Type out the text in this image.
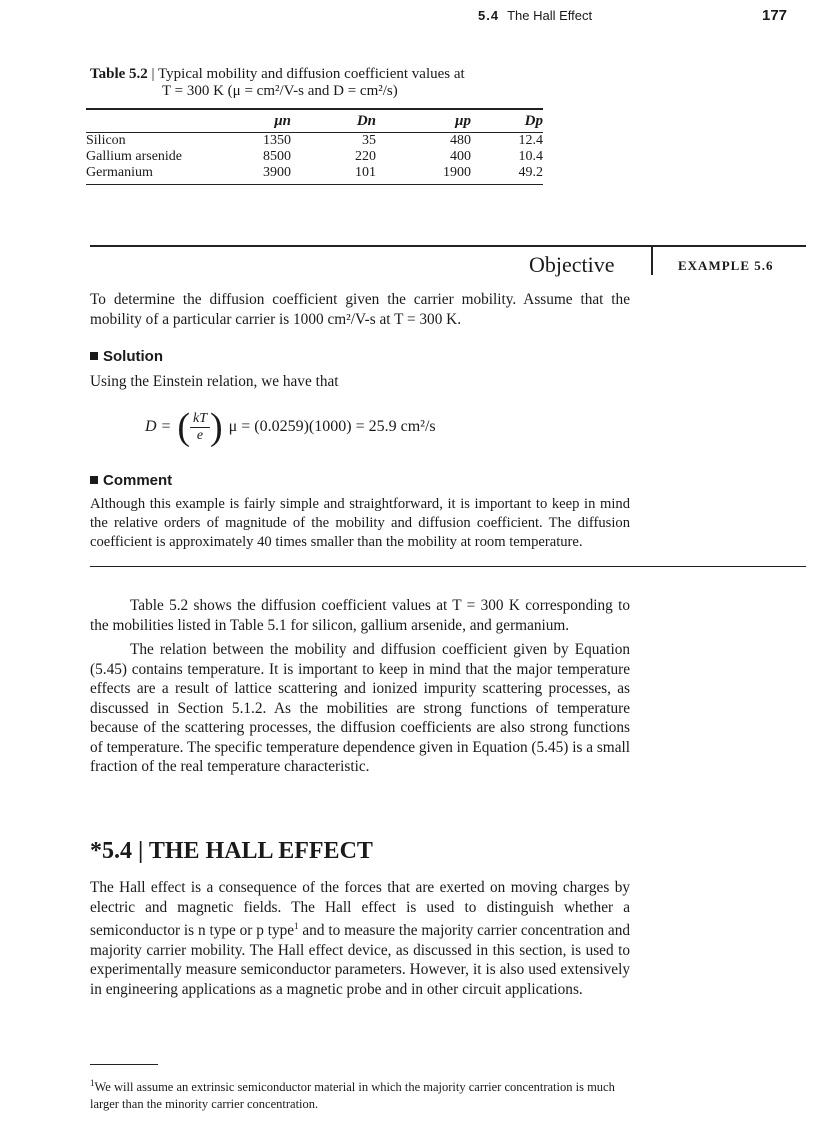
5.4 The Hall Effect	177
Table 5.2 | Typical mobility and diffusion coefficient values at
T = 300 K (μ = cm²/V-s and D = cm²/s)
	μn	Dn	μp	Dp
Silicon	1350	35	480	12.4
Gallium arsenide	8500	220	400	10.4
Germanium	3900	101	1900	49.2
Objective	EXAMPLE 5.6
To determine the diffusion coefficient given the carrier mobility. Assume that the mobility of a particular carrier is 1000 cm²/V-s at T = 300 K.
Solution
Using the Einstein relation, we have that
D = ( $\frac{kT}{e}$ ) μ = (0.0259)(1000) = 25.9 cm²/s
Comment
Although this example is fairly simple and straightforward, it is important to keep in mind the relative orders of magnitude of the mobility and diffusion coefficient. The diffusion coefficient is approximately 40 times smaller than the mobility at room temperature.
Table 5.2 shows the diffusion coefficient values at T = 300 K corresponding to the mobilities listed in Table 5.1 for silicon, gallium arsenide, and germanium.
The relation between the mobility and diffusion coefficient given by Equation (5.45) contains temperature. It is important to keep in mind that the major temperature effects are a result of lattice scattering and ionized impurity scattering processes, as discussed in Section 5.1.2. As the mobilities are strong functions of temperature because of the scattering processes, the diffusion coefficients are also strong functions of temperature. The specific temperature dependence given in Equation (5.45) is a small fraction of the real temperature characteristic.
*5.4 | THE HALL EFFECT
The Hall effect is a consequence of the forces that are exerted on moving charges by electric and magnetic fields. The Hall effect is used to distinguish whether a semiconductor is n type or p type$^1$ and to measure the majority carrier concentration and majority carrier mobility. The Hall effect device, as discussed in this section, is used to experimentally measure semiconductor parameters. However, it is also used extensively in engineering applications as a magnetic probe and in other circuit applications.
$^1$We will assume an extrinsic semiconductor material in which the majority carrier concentration is much larger than the minority carrier concentration.
